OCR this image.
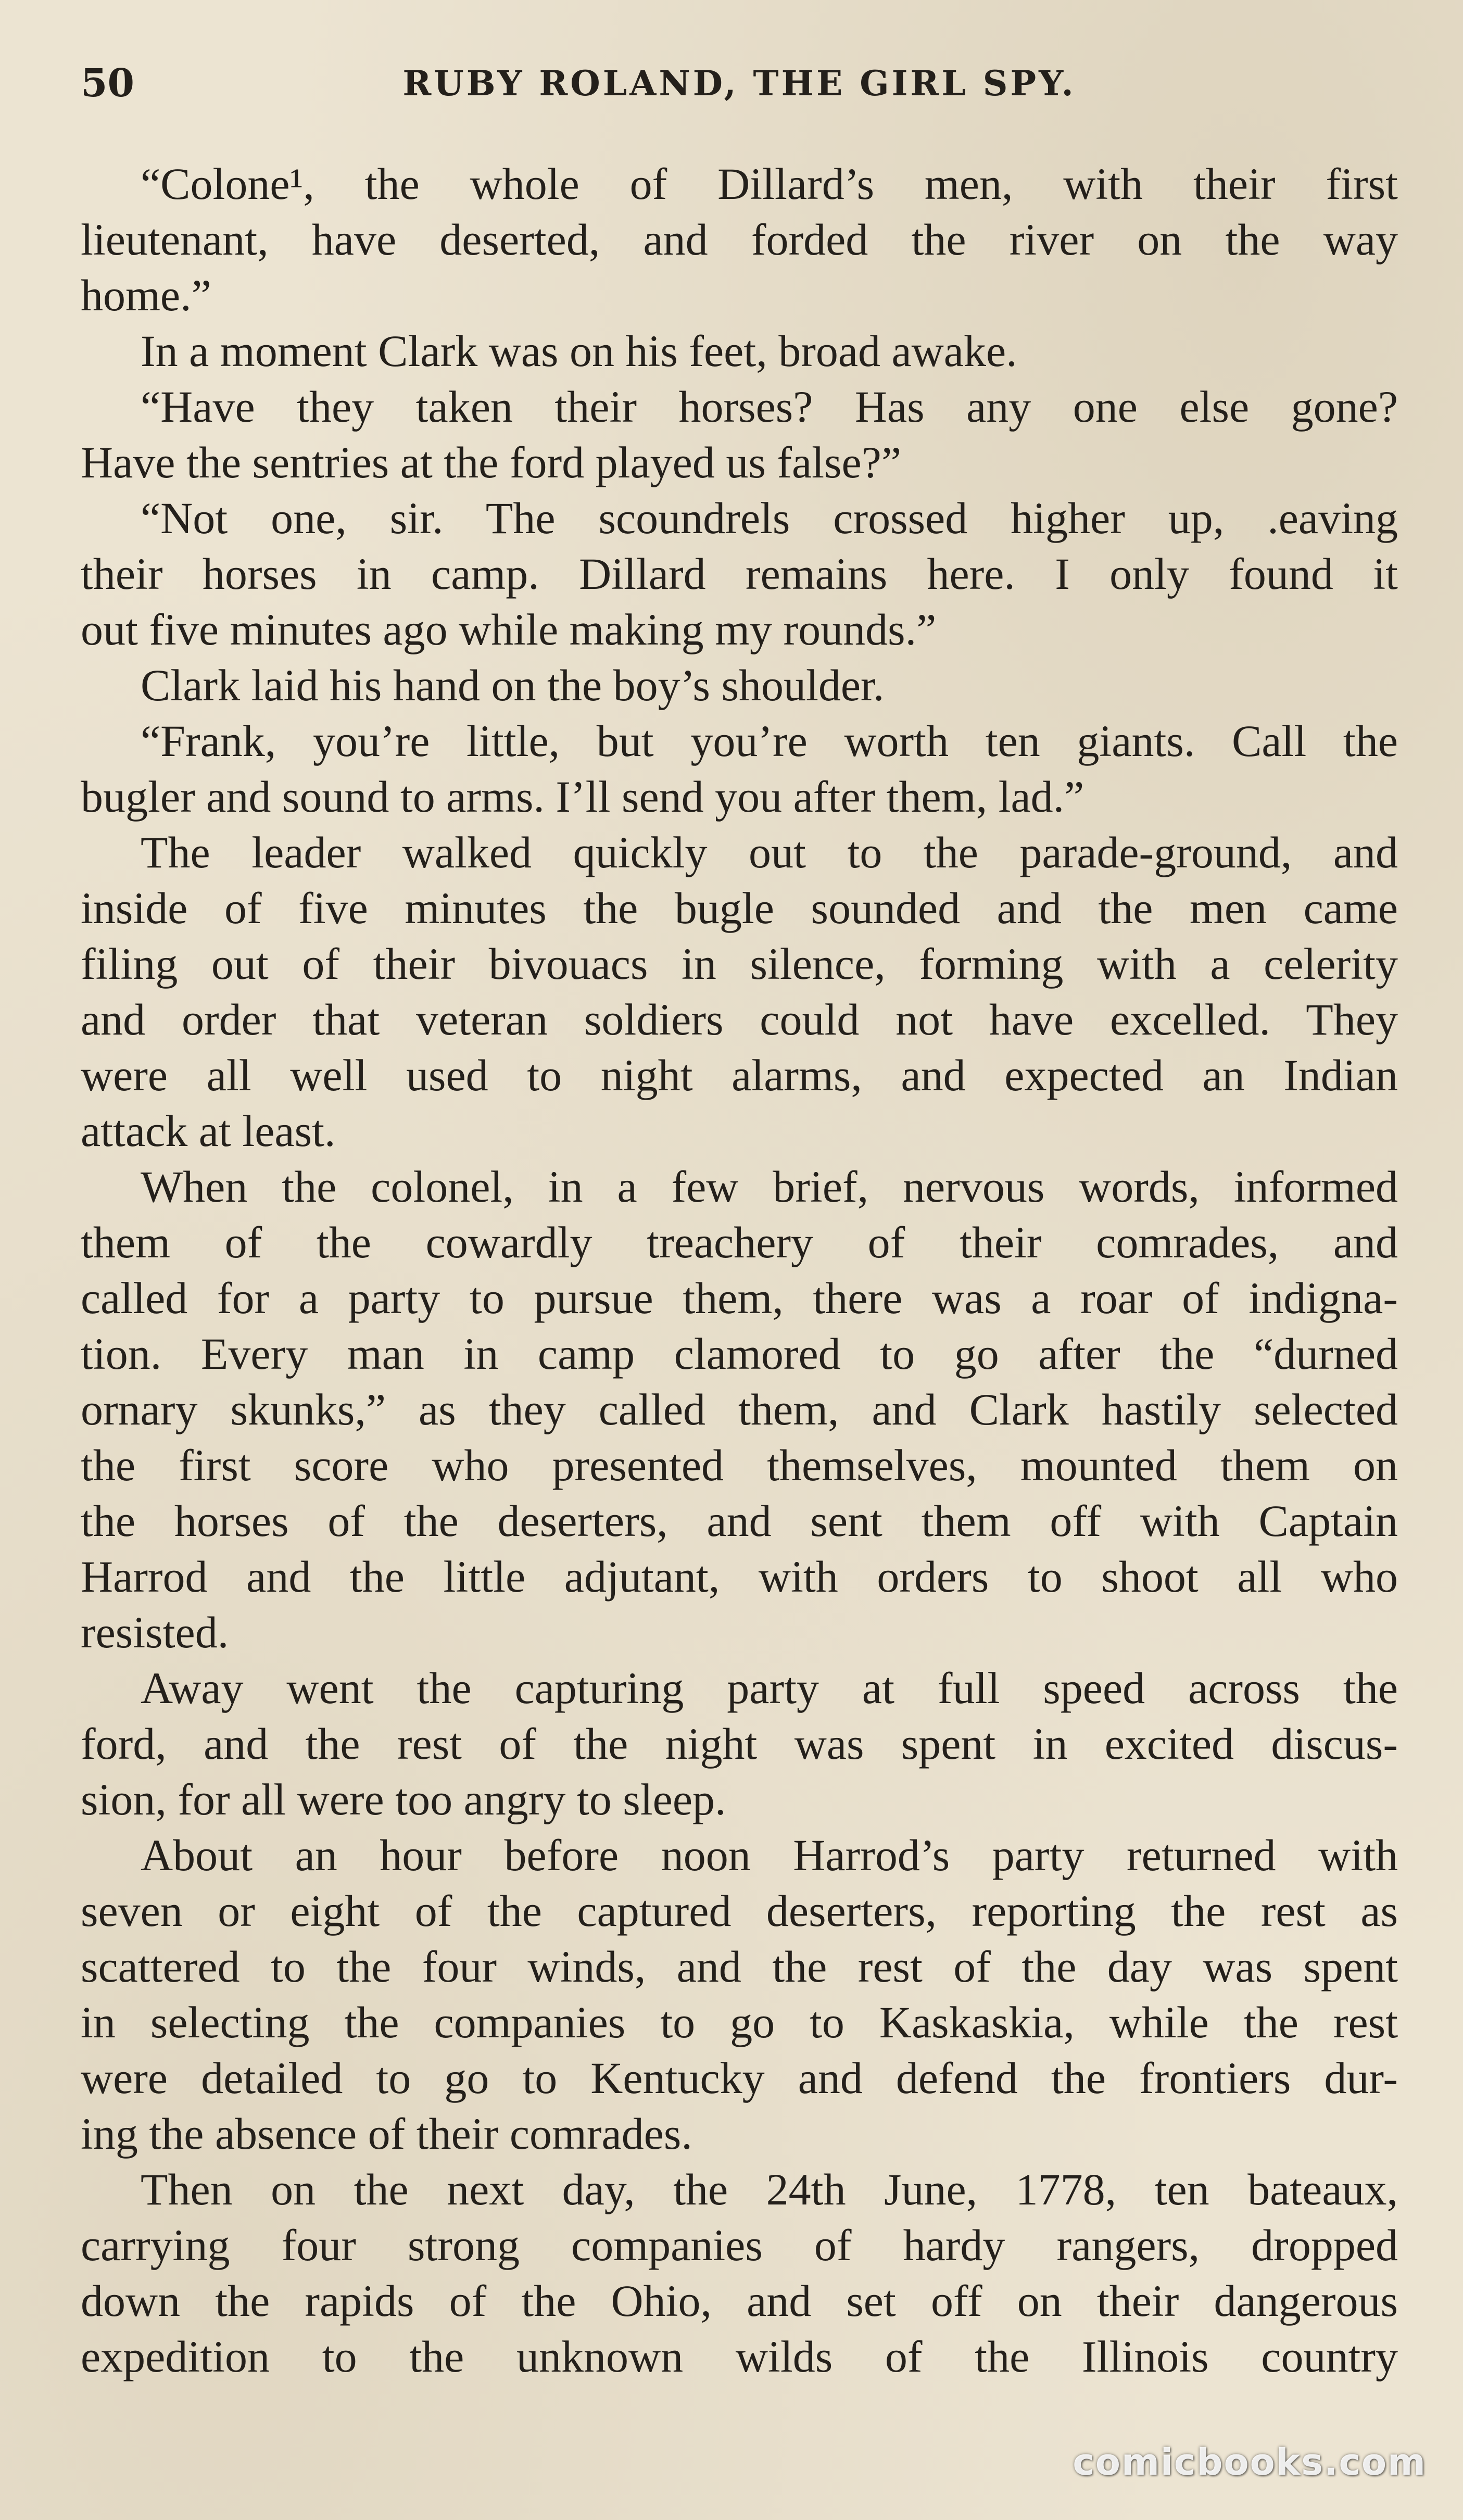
50	RUBY ROLAND, THE GIRL SPY.
“Colone¹, the whole of Dillard’s men, with their first
lieutenant, have deserted, and forded the river on the way
home.”
In a moment Clark was on his feet, broad awake.
“Have they taken their horses? Has any one else gone?
Have the sentries at the ford played us false?”
“Not one, sir. The scoundrels crossed higher up, .eaving
their horses in camp. Dillard remains here. I only found it
out five minutes ago while making my rounds.”
Clark laid his hand on the boy’s shoulder.
“Frank, you’re little, but you’re worth ten giants. Call the
bugler and sound to arms. I’ll send you after them, lad.”
The leader walked quickly out to the parade-ground, and
inside of five minutes the bugle sounded and the men came
filing out of their bivouacs in silence, forming with a celerity
and order that veteran soldiers could not have excelled. They
were all well used to night alarms, and expected an Indian
attack at least.
When the colonel, in a few brief, nervous words, informed
them of the cowardly treachery of their comrades, and
called for a party to pursue them, there was a roar of indigna-
tion. Every man in camp clamored to go after the “durned
ornary skunks,” as they called them, and Clark hastily selected
the first score who presented themselves, mounted them on
the horses of the deserters, and sent them off with Captain
Harrod and the little adjutant, with orders to shoot all who
resisted.
Away went the capturing party at full speed across the
ford, and the rest of the night was spent in excited discus-
sion, for all were too angry to sleep.
About an hour before noon Harrod’s party returned with
seven or eight of the captured deserters, reporting the rest as
scattered to the four winds, and the rest of the day was spent
in selecting the companies to go to Kaskaskia, while the rest
were detailed to go to Kentucky and defend the frontiers dur-
ing the absence of their comrades.
Then on the next day, the 24th June, 1778, ten bateaux,
carrying four strong companies of hardy rangers, dropped
down the rapids of the Ohio, and set off on their dangerous
expedition to the unknown wilds of the Illinois country
comicbooks.com
